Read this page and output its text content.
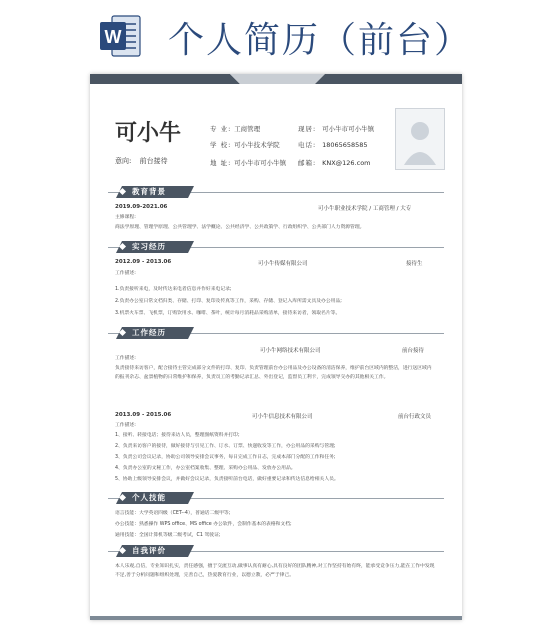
W 个人简历（前台）
可小牛
意向: 前台接待
专 业: 工商管理
学 校: 可小牛技术学院
地 址: 可小牛市可小牛镇
现居: 可小牛市可小牛镇
电话: 18065658585
邮箱: KNX@126.com
教育背景
2019.09-2021.06	可小牛职业技术学院 / 工商管理 / 大专
主修课程:
商法学原理、管理学原理、公共管理学、法学概论、公共经济学、公共政策学、行政组织学、公共部门人力资源管理。
实习经历
2012.09 - 2013.06	可小牛传媒有限公司	接待生
工作描述:
1.负责接听来电，及时传达来电者信息并作好来电记录;
2.负责办公室日常文档归类、存储、打印、复印及传真等工作，采购、存储、登记入库所需文具及办公用品;
3.机票火车票、飞机票，订购饮用水、咖啡、茶叶，统计每月消耗品采购清单，接待来访者，领取名片等。
工作经历
可小牛网络技术有限公司	前台接待
工作描述:
负责接待来访客户，配合接待主管完成部分文件的打印、复印、负责管理前台办公用品及办公设备的清洁保养，维护前台区域内的整洁，进行送区域内的报刊杂志、盆景植物的日常维护和保养，负责员工的考勤记录汇总、外出登记，监督员工利卡，完成领导交办的其他相关工作。
2013.09 - 2015.06	可小牛信息技术有限公司	前台行政文员
工作描述:
1、接听、转接电话；接待来访人员，整理图纸资料并打印;
2、负责来访客户的接待，做好接待与引见工作、订水、订票、快递收发等工作，办公用品的采购与管理;
3、负责公司会议记录，协助公司领导安排会议事务，每日完成工作日志，完成本部门分配的工作和任务;
4、负责办公室的文秘工作，办公室档案收集、整理、采购办公用品、发放办公用品。
5、协助上级领导安排会议，并做好会议记录，负责接听前台电话，做好重要记录和传达信息给相关人员。
个人技能
语言技能：大学英语四级（CET--4），普通话二级甲等;
办公技能：熟悉操作 WPS office、MS office 办公软件，会制作基本的表格和文档;
通用技能：全国计算机等级二级考试，C1 驾驶证;
自我评价
本人乐观,自信，专业知识扎实，责任感强，擅于交流互动,做事认真有耐心,具有良好的团队精神,对工作坚持有始有终，能承受竞争压力,能在工作中发现不足,善于分析问题和组织处理，完善自己，热爱教育行业，以德立教，必严于律己。
